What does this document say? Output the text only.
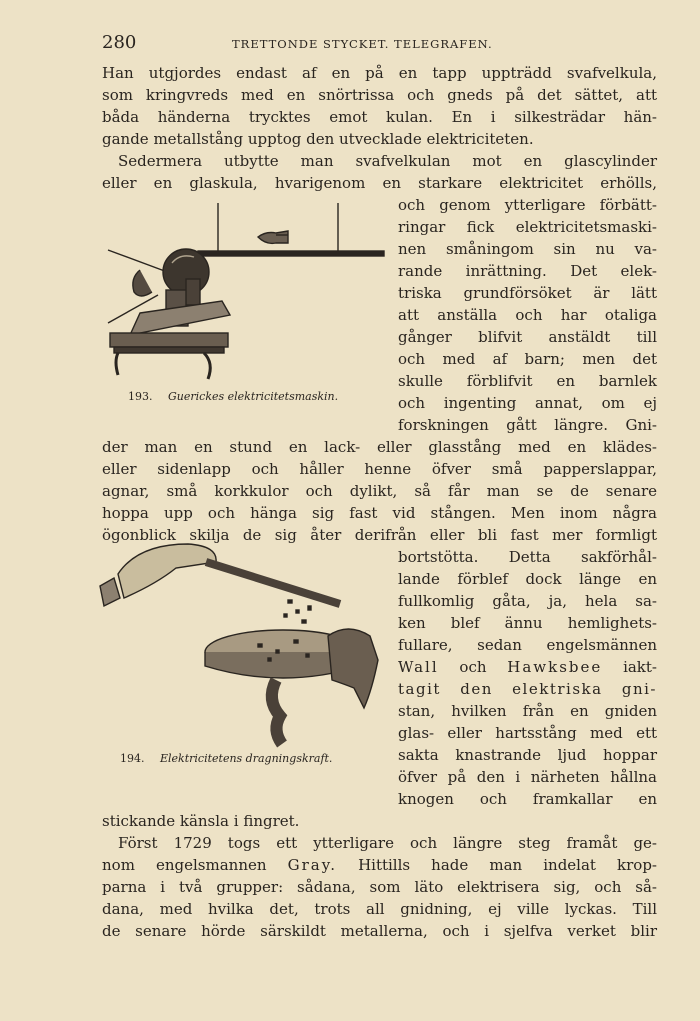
280	TRETTONDE STYCKET. TELEGRAFEN.
Han utgjordes endast af en på en tapp uppträdd svafvelkula,
som kringvreds med en snörtrissa och gneds på det sättet, att
båda händerna trycktes emot kulan. En i silkesträdar hän-
gande metallstång upptog den utvecklade elektriciteten.
Sedermera utbytte man svafvelkulan mot en glascylinder
eller en glaskula, hvarigenom en starkare elektricitet erhölls,
och genom ytterligare förbätt-
ringar fick elektricitetsmaski-
nen småningom sin nu va-
rande inrättning. Det elek-
triska grundförsöket är lätt
att anställa och har otaliga
gånger blifvit anstäldt till
och med af barn; men det
skulle förblifvit en barnlek
och ingenting annat, om ej
forskningen gått längre. Gni-
der man en stund en lack- eller glasstång med en klädes-
eller sidenlapp och håller henne öfver små papperslappar,
agnar, små korkkulor och dylikt, så får man se de senare
hoppa upp och hänga sig fast vid stången. Men inom några
ögonblick skilja de sig åter derifrån eller bli fast mer formligt
bortstötta. Detta sakförhål-
lande förblef dock länge en
fullkomlig gåta, ja, hela sa-
ken blef ännu hemlighets-
fullare, sedan engelsmännen
Wall och Hawksbee iakt-
tagit den elektriska gni-
stan, hvilken från en gniden
glas- eller hartsstång med ett
sakta knastrande ljud hoppar
öfver på den i närheten hållna
knogen och framkallar en
stickande känsla i fingret.
Först 1729 togs ett ytterligare och längre steg framåt ge-
nom engelsmannen Gray. Hittills hade man indelat krop-
parna i två grupper: sådana, som läto elektrisera sig, och så-
dana, med hvilka det, trots all gnidning, ej ville lyckas. Till
de senare hörde särskildt metallerna, och i sjelfva verket blir
193. Guerickes elektricitetsmaskin.
194. Elektricitetens dragningskraft.
